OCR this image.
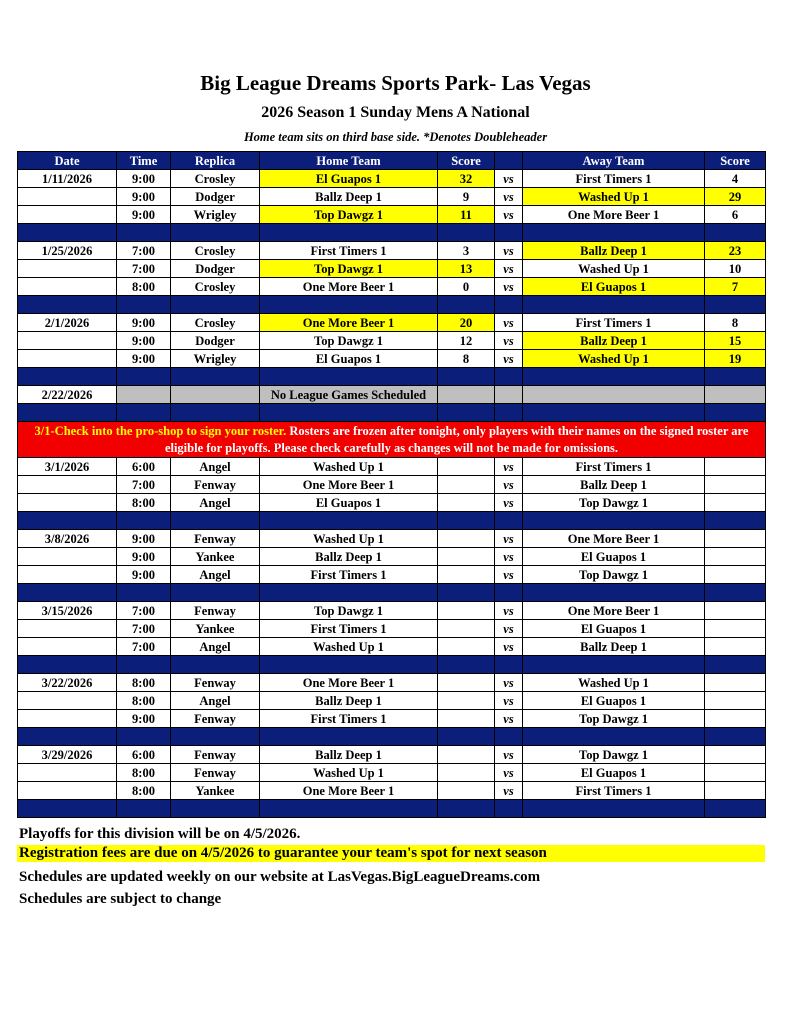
Big League Dreams Sports Park- Las Vegas
2026 Season 1 Sunday Mens A National
Home team sits on third base side. *Denotes Doubleheader
Date	Time	Replica	Home Team	Score		Away Team	Score
1/11/2026	9:00	Crosley	El Guapos 1	32	vs	First Timers 1	4
	9:00	Dodger	Ballz Deep 1	9	vs	Washed Up 1	29
	9:00	Wrigley	Top Dawgz 1	11	vs	One More Beer 1	6

1/25/2026	7:00	Crosley	First Timers 1	3	vs	Ballz Deep 1	23
	7:00	Dodger	Top Dawgz 1	13	vs	Washed Up 1	10
	8:00	Crosley	One More Beer 1	0	vs	El Guapos 1	7

2/1/2026	9:00	Crosley	One More Beer 1	20	vs	First Timers 1	8
	9:00	Dodger	Top Dawgz 1	12	vs	Ballz Deep 1	15
	9:00	Wrigley	El Guapos 1	8	vs	Washed Up 1	19

2/22/2026			No League Games Scheduled				

3/1-Check into the pro-shop to sign your roster. Rosters are frozen after tonight, only players with their names on the signed roster are eligible for playoffs. Please check carefully as changes will not be made for omissions.							
3/1/2026	6:00	Angel	Washed Up 1		vs	First Timers 1	
	7:00	Fenway	One More Beer 1		vs	Ballz Deep 1	
	8:00	Angel	El Guapos 1		vs	Top Dawgz 1	

3/8/2026	9:00	Fenway	Washed Up 1		vs	One More Beer 1	
	9:00	Yankee	Ballz Deep 1		vs	El Guapos 1	
	9:00	Angel	First Timers 1		vs	Top Dawgz 1	

3/15/2026	7:00	Fenway	Top Dawgz 1		vs	One More Beer 1	
	7:00	Yankee	First Timers 1		vs	El Guapos 1	
	7:00	Angel	Washed Up 1		vs	Ballz Deep 1	

3/22/2026	8:00	Fenway	One More Beer 1		vs	Washed Up 1	
	8:00	Angel	Ballz Deep 1		vs	El Guapos 1	
	9:00	Fenway	First Timers 1		vs	Top Dawgz 1	

3/29/2026	6:00	Fenway	Ballz Deep 1		vs	Top Dawgz 1	
	8:00	Fenway	Washed Up 1		vs	El Guapos 1	
	8:00	Yankee	One More Beer 1		vs	First Timers 1	

Playoffs for this division will be on 4/5/2026.
Registration fees are due on 4/5/2026 to guarantee your team's spot for next season
Schedules are updated weekly on our website at LasVegas.BigLeagueDreams.com
Schedules are subject to change
